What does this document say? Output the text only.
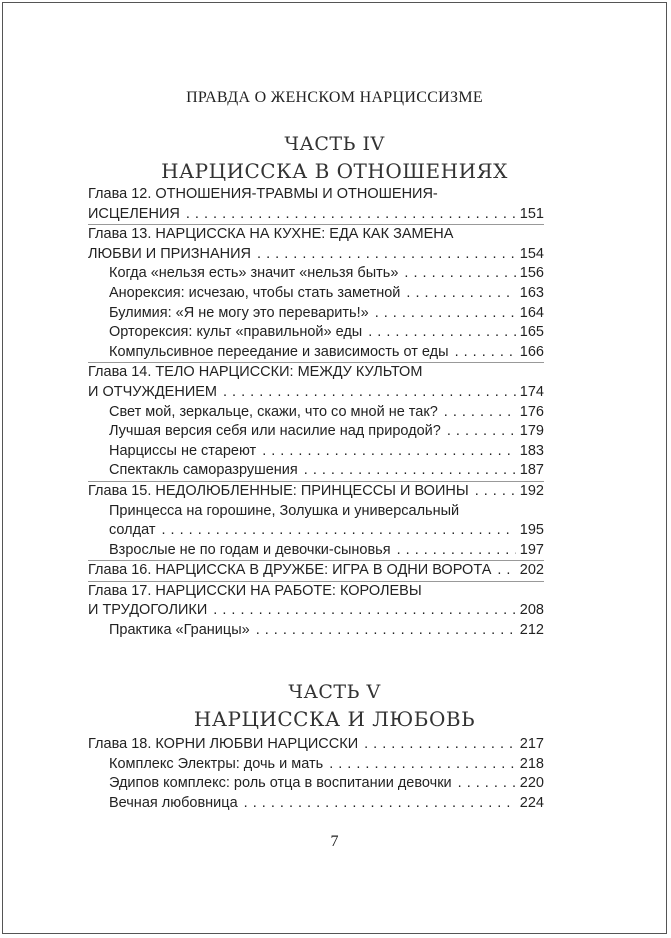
ПРАВДА О ЖЕНСКОМ НАРЦИССИЗМЕ
ЧАСТЬ IV
НАРЦИССКА В ОТНОШЕНИЯХ
Глава 12. ОТНОШЕНИЯ-ТРАВМЫ И ОТНОШЕНИЯ-
ИСЦЕЛЕНИЯ . . .	151
Глава 13. НАРЦИССКА НА КУХНЕ: ЕДА КАК ЗАМЕНА
ЛЮБВИ И ПРИЗНАНИЯ . . .	154
Когда «нельзя есть» значит «нельзя быть» . . .	156
Анорексия: исчезаю, чтобы стать заметной . . .	163
Булимия: «Я не могу это переварить!» . . .	164
Орторексия: культ «правильной» еды . . .	165
Компульсивное переедание и зависимость от еды . . .	166
Глава 14. ТЕЛО НАРЦИССКИ: МЕЖДУ КУЛЬТОМ
И ОТЧУЖДЕНИЕМ . . .	174
Свет мой, зеркальце, скажи, что со мной не так? . . .	176
Лучшая версия себя или насилие над природой? . . .	179
Нарциссы не стареют . . .	183
Спектакль саморазрушения . . .	187
Глава 15. НЕДОЛЮБЛЕННЫЕ: ПРИНЦЕССЫ И ВОИНЫ . . .	192
Принцесса на горошине, Золушка и универсальный
солдат . . .	195
Взрослые не по годам и девочки-сыновья . . .	197
Глава 16. НАРЦИССКА В ДРУЖБЕ: ИГРА В ОДНИ ВОРОТА . . . 202
Глава 17. НАРЦИССКИ НА РАБОТЕ: КОРОЛЕВЫ
И ТРУДОГОЛИКИ . . .	208
Практика «Границы» . . .	212
ЧАСТЬ V
НАРЦИССКА И ЛЮБОВЬ
Глава 18. КОРНИ ЛЮБВИ НАРЦИССКИ . . .	217
Комплекс Электры: дочь и мать . . .	218
Эдипов комплекс: роль отца в воспитании девочки . . .	220
Вечная любовница . . .	224
7
